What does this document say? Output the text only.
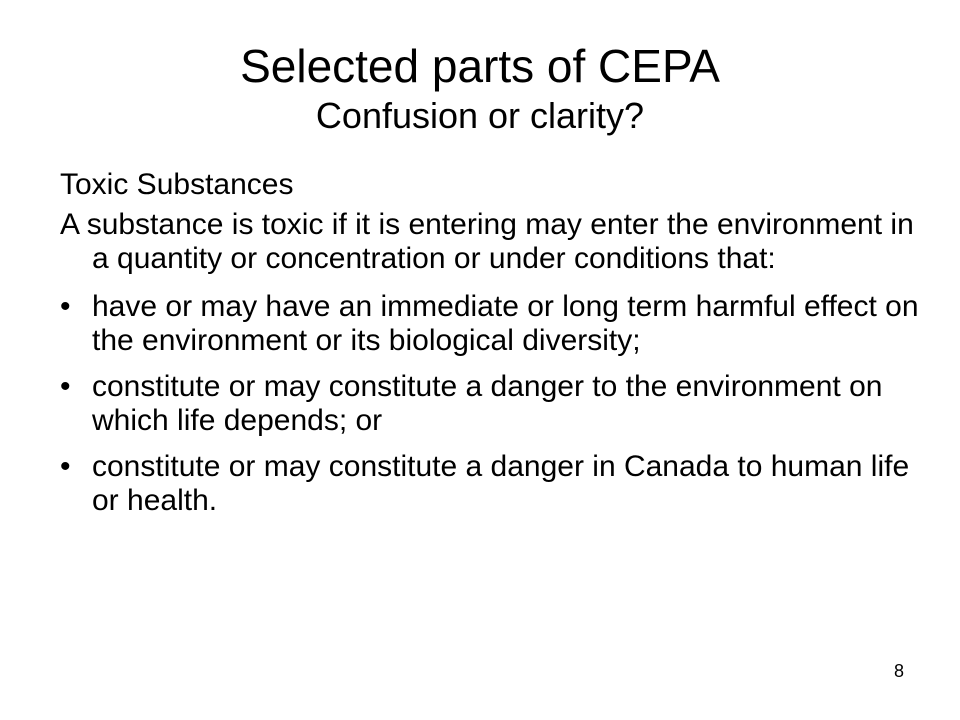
Selected parts of CEPA
Confusion or clarity?
Toxic Substances
A substance is toxic if it is entering may enter the environment in a quantity or concentration or under conditions that:
• have or may have an immediate or long term harmful effect on the environment or its biological diversity;
• constitute or may constitute a danger to the environment on which life depends; or
• constitute or may constitute a danger in Canada to human life or health.
8
